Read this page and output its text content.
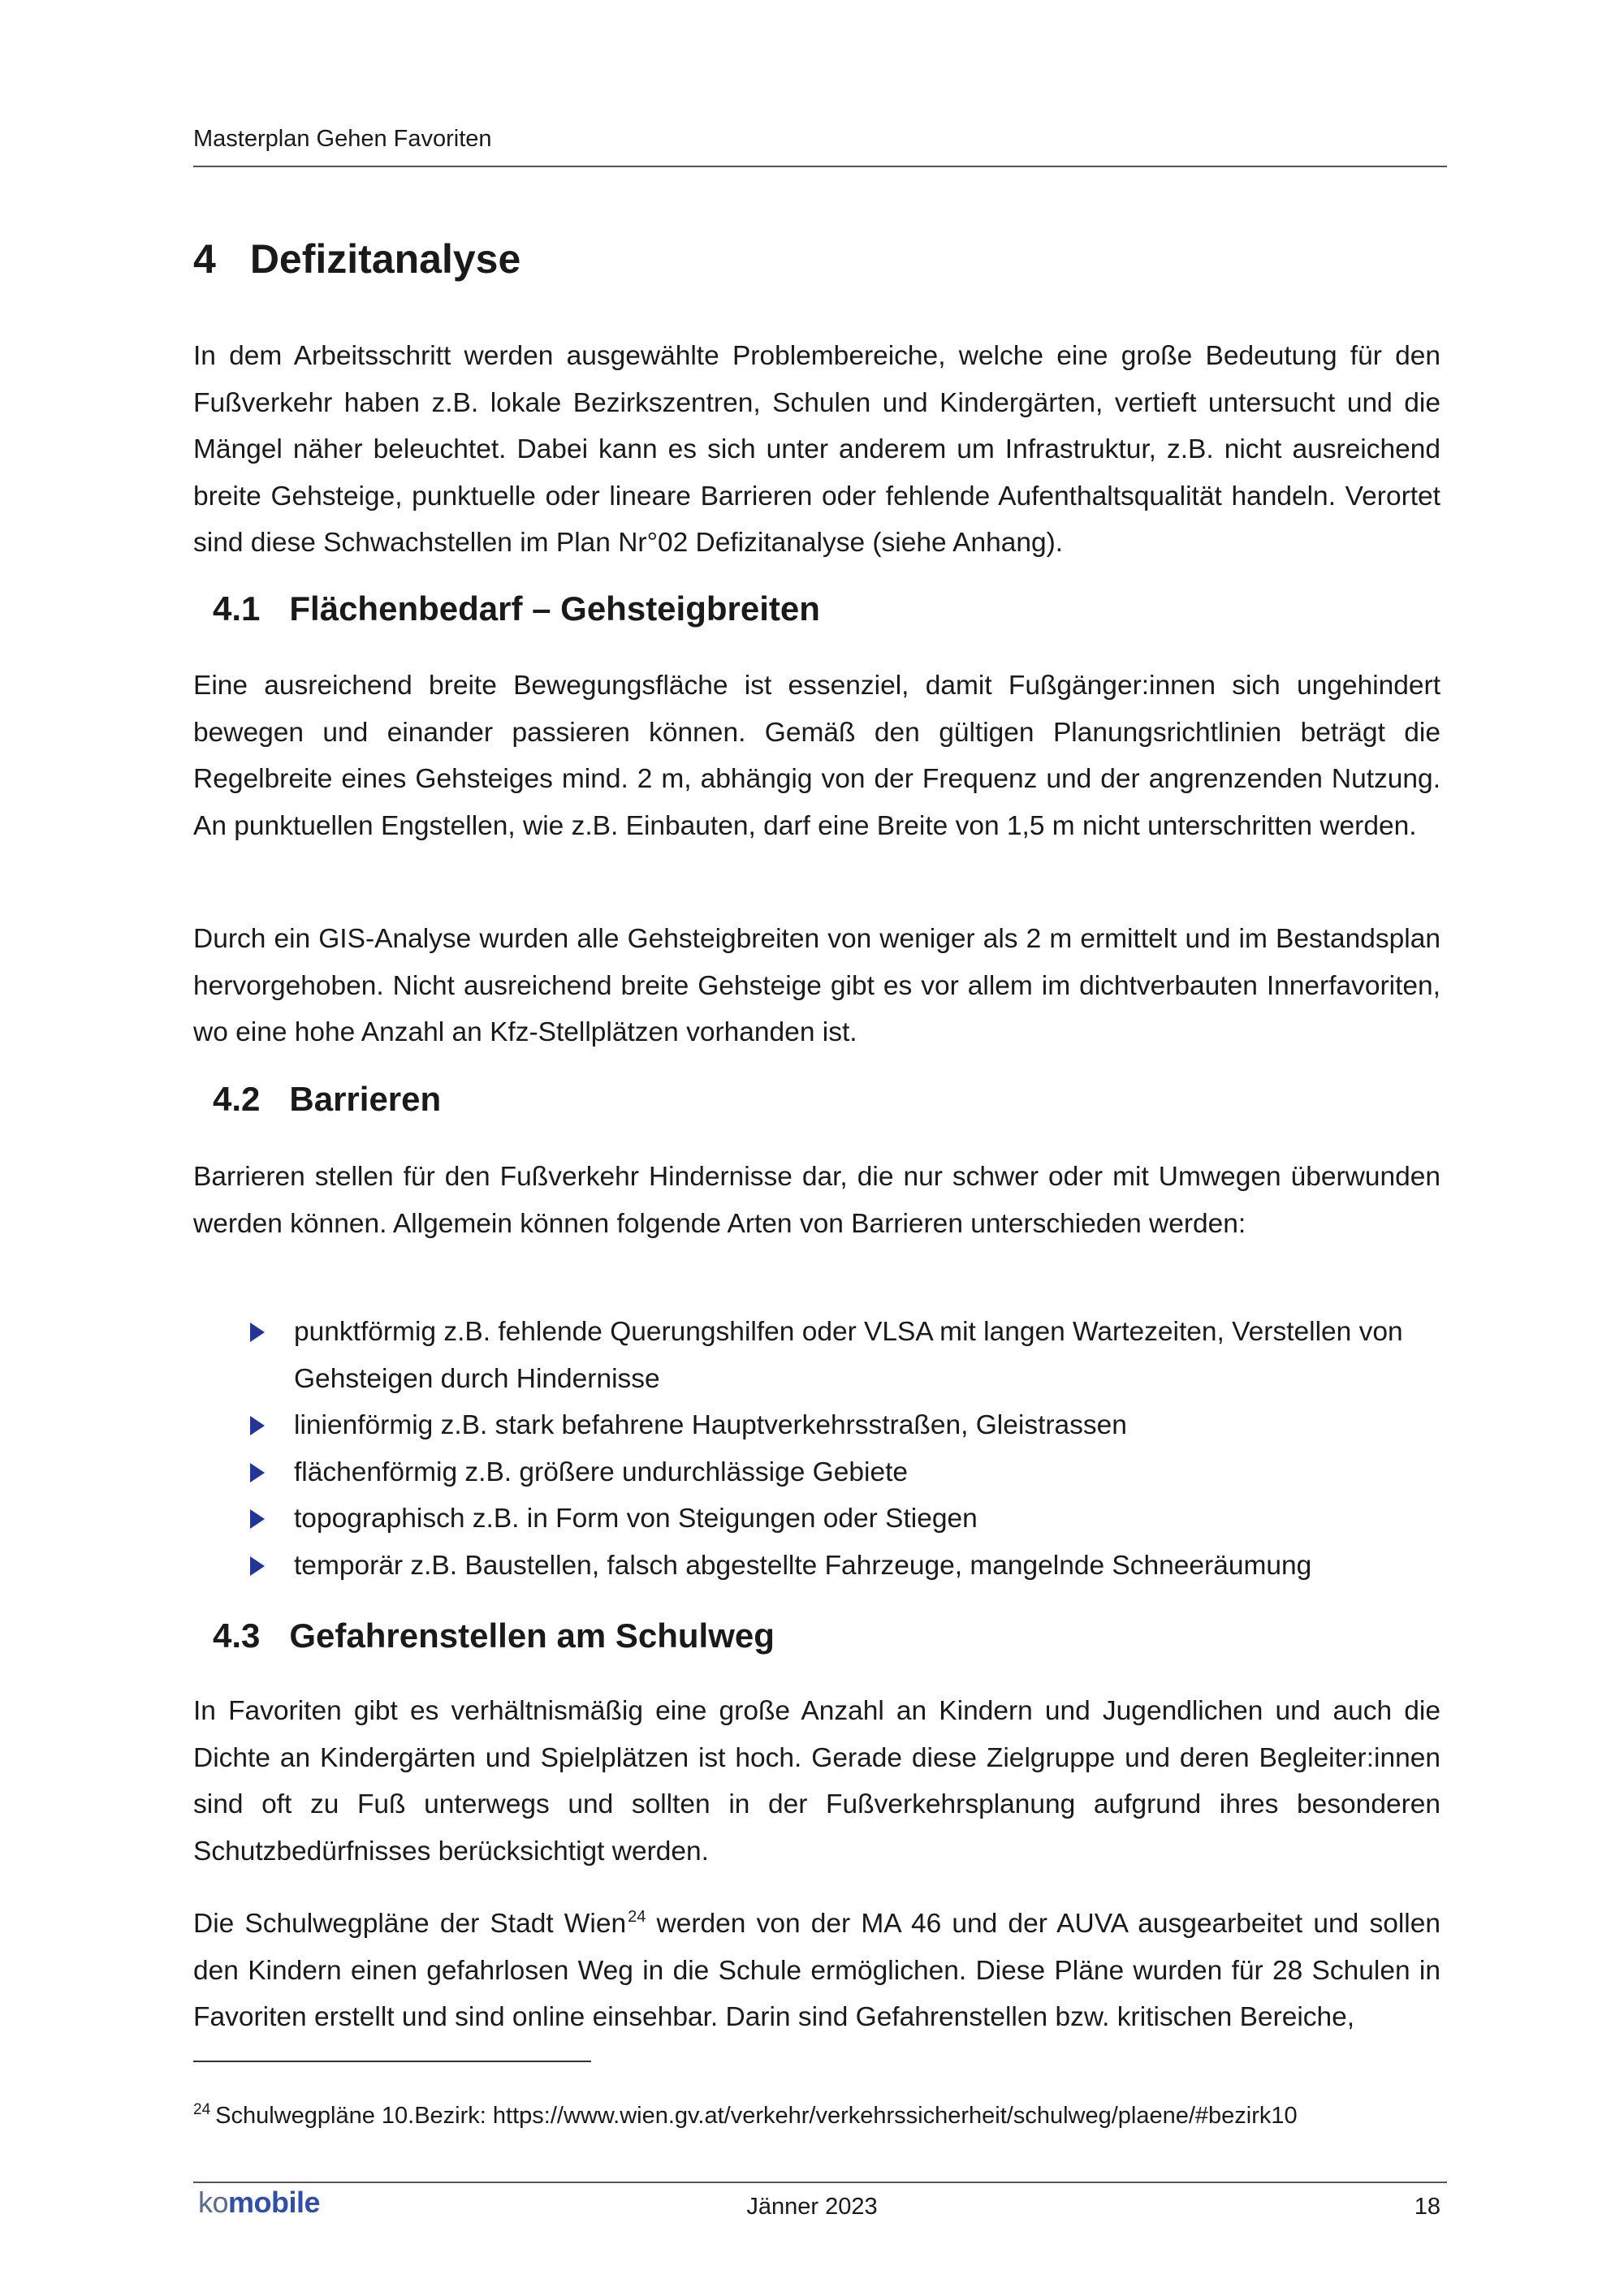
Masterplan Gehen Favoriten
4 Defizitanalyse

In dem Arbeitsschritt werden ausgewählte Problembereiche, welche eine große Bedeutung für den Fußverkehr haben z.B. lokale Bezirkszentren, Schulen und Kindergärten, vertieft untersucht und die Mängel näher beleuchtet. Dabei kann es sich unter anderem um Infrastruktur, z.B. nicht ausreichend breite Gehsteige, punktuelle oder lineare Barrieren oder fehlende Aufenthaltsqualität handeln. Verortet sind diese Schwachstellen im Plan Nr°02 Defizitanalyse (siehe Anhang).

4.1 Flächenbedarf – Gehsteigbreiten

Eine ausreichend breite Bewegungsfläche ist essenziel, damit Fußgänger:innen sich ungehindert bewegen und einander passieren können. Gemäß den gültigen Planungsrichtlinien beträgt die Regelbreite eines Gehsteiges mind. 2 m, abhängig von der Frequenz und der angrenzenden Nutzung. An punktuellen Engstellen, wie z.B. Einbauten, darf eine Breite von 1,5 m nicht unterschritten werden.

Durch ein GIS-Analyse wurden alle Gehsteigbreiten von weniger als 2 m ermittelt und im Bestandsplan hervorgehoben. Nicht ausreichend breite Gehsteige gibt es vor allem im dichtverbauten Innerfavoriten, wo eine hohe Anzahl an Kfz-Stellplätzen vorhanden ist.

4.2 Barrieren

Barrieren stellen für den Fußverkehr Hindernisse dar, die nur schwer oder mit Umwegen überwunden werden können. Allgemein können folgende Arten von Barrieren unterschieden werden:

punktförmig z.B. fehlende Querungshilfen oder VLSA mit langen Wartezeiten, Verstellen von Gehsteigen durch Hindernisse
linienförmig z.B. stark befahrene Hauptverkehrsstraßen, Gleistrassen
flächenförmig z.B. größere undurchlässige Gebiete
topographisch z.B. in Form von Steigungen oder Stiegen
temporär z.B. Baustellen, falsch abgestellte Fahrzeuge, mangelnde Schneeräumung
4.3 Gefahrenstellen am Schulweg

In Favoriten gibt es verhältnismäßig eine große Anzahl an Kindern und Jugendlichen und auch die Dichte an Kindergärten und Spielplätzen ist hoch. Gerade diese Zielgruppe und deren Begleiter:innen sind oft zu Fuß unterwegs und sollten in der Fußverkehrsplanung aufgrund ihres besonderen Schutzbedürfnisses berücksichtigt werden.

Die Schulwegpläne der Stadt Wien $^{24}$ werden von der MA 46 und der AUVA ausgearbeitet und sollen den Kindern einen gefahrlosen Weg in die Schule ermöglichen. Diese Pläne wurden für 28 Schulen in Favoriten erstellt und sind online einsehbar. Darin sind Gefahrenstellen bzw. kritischen Bereiche,

$^{24}$ Schulwegpläne 10.Bezirk: https://www.wien.gv.at/verkehr/verkehrssicherheit/schulweg/plaene/#bezirk10
komobile	Jänner 2023	18
